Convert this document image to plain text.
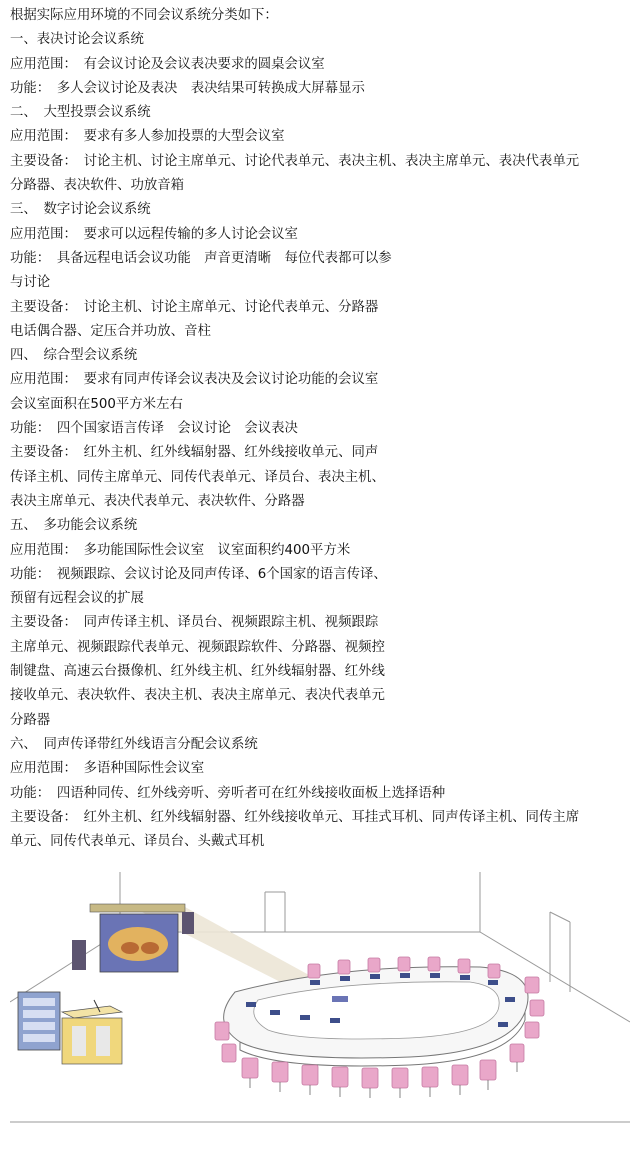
根据实际应用环境的不同会议系统分类如下：
一、表决讨论会议系统
应用范围：　有会议讨论及会议表决要求的圆桌会议室
功能：　多人会议讨论及表决　表决结果可转换成大屏幕显示
二、　大型投票会议系统
应用范围：　要求有多人参加投票的大型会议室
主要设备：　讨论主机、讨论主席单元、讨论代表单元、表决主机、表决主席单元、表决代表单元
分路器、表决软件、功放音箱
三、　数字讨论会议系统
应用范围：　要求可以远程传输的多人讨论会议室
功能：　具备远程电话会议功能　声音更清晰　每位代表都可以参
与讨论
主要设备：　讨论主机、讨论主席单元、讨论代表单元、分路器
电话偶合器、定压合并功放、音柱
四、　综合型会议系统
应用范围：　要求有同声传译会议表决及会议讨论功能的会议室
会议室面积在500平方米左右
功能：　四个国家语言传译　会议讨论　会议表决
主要设备：　红外主机、红外线辐射器、红外线接收单元、同声
传译主机、同传主席单元、同传代表单元、译员台、表决主机、
表决主席单元、表决代表单元、表决软件、分路器
五、　多功能会议系统
应用范围：　多功能国际性会议室　议室面积约400平方米
功能：　视频跟踪、会议讨论及同声传译、6个国家的语言传译、
预留有远程会议的扩展
主要设备：　同声传译主机、译员台、视频跟踪主机、视频跟踪
主席单元、视频跟踪代表单元、视频跟踪软件、分路器、视频控
制键盘、高速云台摄像机、红外线主机、红外线辐射器、红外线
接收单元、表决软件、表决主机、表决主席单元、表决代表单元
分路器
六、　同声传译带红外线语言分配会议系统
应用范围：　多语种国际性会议室
功能：　四语种同传、红外线旁听、旁听者可在红外线接收面板上选择语种
主要设备：　红外主机、红外线辐射器、红外线接收单元、耳挂式耳机、同声传译主机、同传主席
单元、同传代表单元、译员台、头戴式耳机
